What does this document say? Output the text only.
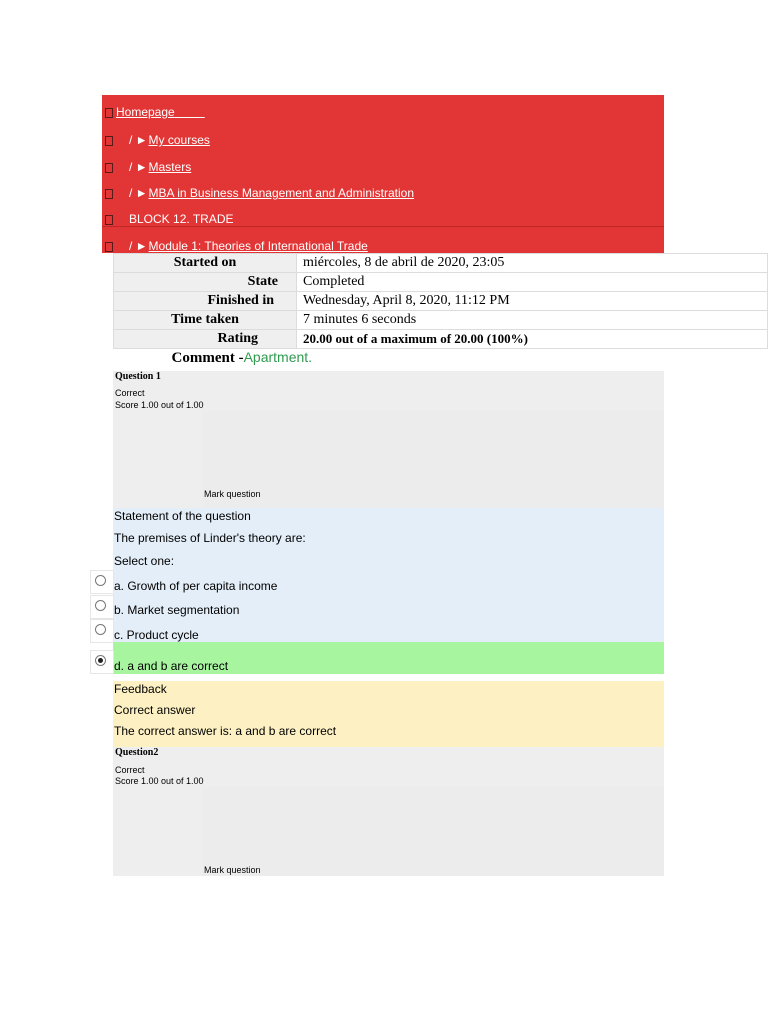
Homepage
/ ►My courses
/ ►Masters
/ ►MBA in Business Management and Administration
BLOCK 12. TRADE
/ ►Module 1: Theories of International Trade
Started on	miércoles, 8 de abril de 2020, 23:05
State	Completed
Finished in	Wednesday, April 8, 2020, 11:12 PM
Time taken	7 minutes 6 seconds
Rating	20.00 out of a maximum of 20.00 (100%)
Comment -Apartment.	
Question 1
Correct
Score 1.00 out of 1.00
Mark question
Statement of the question
The premises of Linder's theory are:
Select one:
a. Growth of per capita income
b. Market segmentation
c. Product cycle
d. a and b are correct
Feedback
Correct answer
The correct answer is: a and b are correct
Question2
Correct
Score 1.00 out of 1.00
Mark question
